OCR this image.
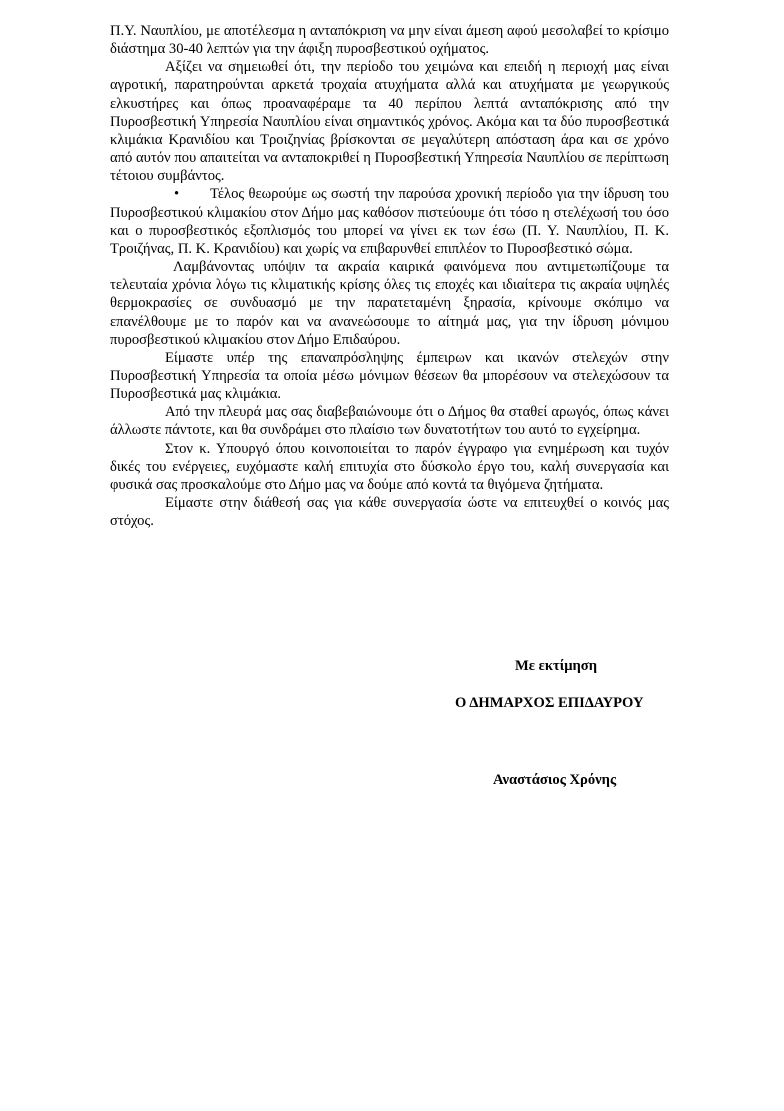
Π.Υ. Ναυπλίου, με αποτέλεσμα η ανταπόκριση να μην είναι άμεση αφού μεσολαβεί το κρίσιμο διάστημα 30-40 λεπτών για την άφιξη πυροσβεστικού οχήματος.

Αξίζει να σημειωθεί ότι, την περίοδο του χειμώνα και επειδή η περιοχή μας είναι αγροτική, παρατηρούνται αρκετά τροχαία ατυχήματα αλλά και ατυχήματα με γεωργικούς ελκυστήρες και όπως προαναφέραμε τα 40 περίπου λεπτά ανταπόκρισης από την Πυροσβεστική Υπηρεσία Ναυπλίου είναι σημαντικός χρόνος. Ακόμα και τα δύο πυροσβεστικά κλιμάκια Κρανιδίου και Τροιζηνίας βρίσκονται σε μεγαλύτερη απόσταση άρα και σε χρόνο από αυτόν που απαιτείται να ανταποκριθεί η Πυροσβεστική Υπηρεσία Ναυπλίου σε περίπτωση τέτοιου συμβάντος.

• Τέλος θεωρούμε ως σωστή την παρούσα χρονική περίοδο για την ίδρυση του Πυροσβεστικού κλιμακίου στον Δήμο μας καθόσον πιστεύουμε ότι τόσο η στελέχωσή του όσο και ο πυροσβεστικός εξοπλισμός του μπορεί να γίνει εκ των έσω (Π. Υ. Ναυπλίου, Π. Κ. Τροιζήνας, Π. Κ. Κρανιδίου) και χωρίς να επιβαρυνθεί επιπλέον το Πυροσβεστικό σώμα.

Λαμβάνοντας υπόψιν τα ακραία καιρικά φαινόμενα που αντιμετωπίζουμε τα τελευταία χρόνια λόγω τις κλιματικής κρίσης όλες τις εποχές και ιδιαίτερα τις ακραία υψηλές θερμοκρασίες σε συνδυασμό με την παρατεταμένη ξηρασία, κρίνουμε σκόπιμο να επανέλθουμε με το παρόν και να ανανεώσουμε το αίτημά μας, για την ίδρυση μόνιμου πυροσβεστικού κλιμακίου στον Δήμο Επιδαύρου.

Είμαστε υπέρ της επαναπρόσληψης έμπειρων και ικανών στελεχών στην Πυροσβεστική Υπηρεσία τα οποία μέσω μόνιμων θέσεων θα μπορέσουν να στελεχώσουν τα Πυροσβεστικά μας κλιμάκια.

Από την πλευρά μας σας διαβεβαιώνουμε ότι ο Δήμος θα σταθεί αρωγός, όπως κάνει άλλωστε πάντοτε, και θα συνδράμει στο πλαίσιο των δυνατοτήτων του αυτό το εγχείρημα.

Στον κ. Υπουργό όπου κοινοποιείται το παρόν έγγραφο για ενημέρωση και τυχόν δικές του ενέργειες, ευχόμαστε καλή επιτυχία στο δύσκολο έργο του, καλή συνεργασία και φυσικά σας προσκαλούμε στο Δήμο μας να δούμε από κοντά τα θιγόμενα ζητήματα.

Είμαστε στην διάθεσή σας για κάθε συνεργασία ώστε να επιτευχθεί ο κοινός μας στόχος.

Με εκτίμηση
Ο ΔΗΜΑΡΧΟΣ ΕΠΙΔΑΥΡΟΥ
Αναστάσιος Χρόνης
